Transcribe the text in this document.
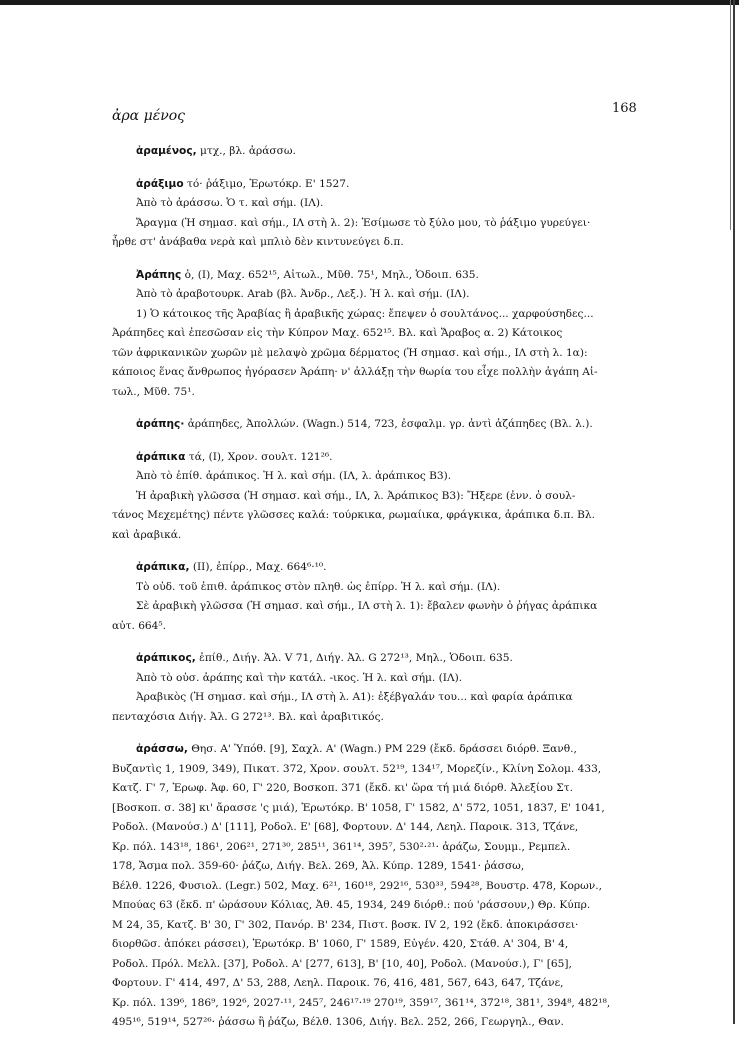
ἀρα μένος	168

ἀραμένος, μτχ., βλ. ἀράσσω.

ἀράξιμο τό· ῥάξιμο, Ἐρωτόκρ. Ε' 1527.

Ἀπὸ τὸ ἀράσσω. Ὁ τ. καὶ σήμ. (ΙΛ).

Ἄραγμα (Ἡ σημασ. καὶ σήμ., ΙΛ στὴ λ. 2): Ἐσίμωσε τὸ ξύλο μου, τὸ ῥάξιμο γυρεύγει·

ἦρθε στ' ἀνάβαθα νερὰ καὶ μπλιὸ δὲν κιντυνεύγει δ.π.

Ἀράπης ὁ, (Ι), Μαχ. 652¹⁵, Αἰτωλ., Μῦθ. 75¹, Μηλ., Ὁδοιπ. 635.

Ἀπὸ τὸ ἀραβοτουρκ. Arab (βλ. Ἀνδρ., Λεξ.). Ἡ λ. καὶ σήμ. (ΙΛ).

1) Ὁ κάτοικος τῆς Ἀραβίας ἢ ἀραβικῆς χώρας: ἔπεψεν ὁ σουλτάνος... χαρφούσηδες...

Ἀράπηδες καὶ ἐπεσῶσαν εἰς τὴν Κύπρον Μαχ. 652¹⁵. Βλ. καὶ Ἄραβος α. 2) Κάτοικος

τῶν ἀφρικανικῶν χωρῶν μὲ μελαψὸ χρῶμα δέρματος (Ἡ σημασ. καὶ σήμ., ΙΛ στὴ λ. 1α):

κάποιος ἕνας ἄνθρωπος ἠγόρασεν Ἀράπη· ν' ἀλλάξῃ τὴν θωρία του εἶχε πολλὴν ἀγάπη Αἰ-

τωλ., Μῦθ. 75¹.

ἀράπης· ἀράπηδες, Ἀπολλών. (Wagn.) 514, 723, ἐσφαλμ. γρ. ἀντὶ ἀζάπηδες (Βλ. λ.).

ἀράπικα τά, (Ι), Χρον. σουλτ. 121²⁶.

Ἀπὸ τὸ ἐπίθ. ἀράπικος. Ἡ λ. καὶ σήμ. (ΙΛ, λ. ἀράπικος Β3).

Ἡ ἀραβικὴ γλῶσσα (Ἡ σημασ. καὶ σήμ., ΙΛ, λ. Ἀράπικος Β3): Ἤξερε (ἐνν. ὁ σουλ-

τάνος Μεχεμέτης) πέντε γλῶσσες καλά: τούρκικα, ρωμαίικα, φράγκικα, ἀράπικα δ.π. Βλ.

καὶ ἀραβικά.

ἀράπικα, (ΙΙ), ἐπίρρ., Μαχ. 664⁶·¹⁰.

Τὸ οὐδ. τοῦ ἐπιθ. ἀράπικος στὸν πληθ. ὡς ἐπίρρ. Ἡ λ. καὶ σήμ. (ΙΛ).

Σὲ ἀραβικὴ γλῶσσα (Ἡ σημασ. καὶ σήμ., ΙΛ στὴ λ. 1): ἔβαλεν φωνὴν ὁ ῥήγας ἀράπικα

αὐτ. 664⁵.

ἀράπικος, ἐπίθ., Διήγ. Ἀλ. V 71, Διήγ. Ἀλ. G 272¹³, Μηλ., Ὁδοιπ. 635.

Ἀπὸ τὸ οὐσ. ἀράπης καὶ τὴν κατάλ. -ικος. Ἡ λ. καὶ σήμ. (ΙΛ).

Ἀραβικὸς (Ἡ σημασ. καὶ σήμ., ΙΛ στὴ λ. Α1): ἐξέβγαλάν του... καὶ φαρία ἀράπικα

πενταχόσια Διήγ. Ἀλ. G 272¹³. Βλ. καὶ ἀραβιτικός.

ἀράσσω, Θησ. Α' Ὑπόθ. [9], Σαχλ. Α' (Wagn.) PM 229 (ἔκδ. δράσσει διόρθ. Ξανθ.,

Βυζαντὶς 1, 1909, 349), Πικατ. 372, Χρον. σουλτ. 52¹⁹, 134¹⁷, Μορεζίν., Κλίνη Σολομ. 433,

Κατζ. Γ' 7, Ἐρωφ. Ἀφ. 60, Γ' 220, Βοσκοπ. 371 (ἔκδ. κι' ὥρα τή μιά διόρθ. Ἀλεξίου Στ.

[Βοσκοπ. σ. 38] κι' ἄρασσε 'ς μιά), Ἐρωτόκρ. Β' 1058, Γ' 1582, Δ' 572, 1051, 1837, Ε' 1041,

Ροδολ. (Μανούσ.) Δ' [111], Ροδολ. Ε' [68], Φορτουν. Δ' 144, Λεηλ. Παροικ. 313, Τζάνε,

Κρ. πόλ. 143¹⁸, 186¹, 206²¹, 271³⁰, 285¹¹, 361¹⁴, 395⁷, 530²·²¹· ἀράζω, Σουμμ., Ρεμπελ.

178, Ἄσμα πολ. 359-60· ῥάζω, Διήγ. Βελ. 269, Ἀλ. Κύπρ. 1289, 1541· ῥάσσω,

Βέλθ. 1226, Φυσιολ. (Legr.) 502, Μαχ. 6²¹, 160¹⁸, 292¹⁶, 530³³, 594²⁸, Βουστρ. 478, Κορων.,

Μπούας 63 (ἔκδ. π' ὡράσουν Κόλιας, Ἀθ. 45, 1934, 249 διόρθ.: πού 'ράσσουν,) Θρ. Κύπρ.

Μ 24, 35, Κατζ. Β' 30, Γ' 302, Πανόρ. Β' 234, Πιστ. βοσκ. IV 2, 192 (ἔκδ. ἀποκιράσσει·

διορθῶσ. ἀπόκει ράσσει), Ἐρωτόκρ. Β' 1060, Γ' 1589, Εὐγέν. 420, Στάθ. Α' 304, Β' 4,

Ροδολ. Πρόλ. Μελλ. [37], Ροδολ. Α' [277, 613], Β' [10, 40], Ροδολ. (Μανούσ.), Γ' [65],

Φορτουν. Γ' 414, 497, Δ' 53, 288, Λεηλ. Παροικ. 76, 416, 481, 567, 643, 647, Τζάνε,

Κρ. πόλ. 139⁶, 186⁹, 192⁶, 2027·¹¹, 245⁷, 246¹⁷·¹⁹ 270¹⁹, 359¹⁷, 361¹⁴, 372¹⁸, 381¹, 394⁸, 482¹⁸,

495¹⁶, 519¹⁴, 527²⁶· ῥάσσω ἢ ῥάζω, Βέλθ. 1306, Διήγ. Βελ. 252, 266, Γεωργηλ., Θαν.
